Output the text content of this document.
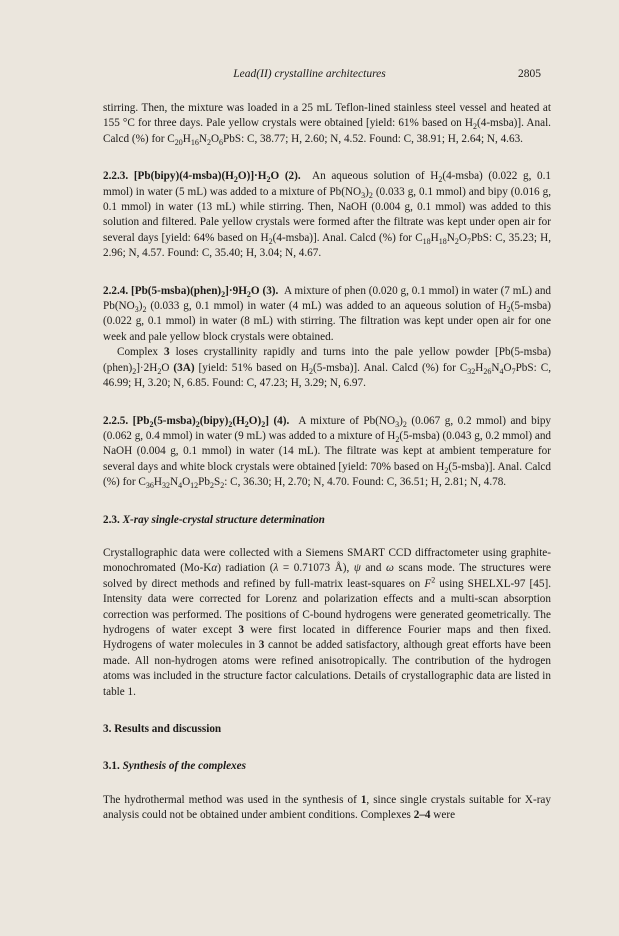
Lead(II) crystalline architectures	2805

stirring. Then, the mixture was loaded in a 25 mL Teflon-lined stainless steel vessel and heated at 155 °C for three days. Pale yellow crystals were obtained [yield: 61% based on $H_2(4-msba)$]. Anal. Calcd (%) for $C_{20}H_{16}N_2O_6PbS$: C, 38.77; H, 2.60; N, 4.52. Found: C, 38.91; H, 2.64; N, 4.63.

2.2.3. $[Pb(bipy)(4-msba)(H_2O)]\cdot H_2O$ (2). An aqueous solution of $H_2(4-msba)$ (0.022 g, 0.1 mmol) in water (5 mL) was added to a mixture of $Pb(NO_3)_2$ (0.033 g, 0.1 mmol) and bipy (0.016 g, 0.1 mmol) in water (13 mL) while stirring. Then, NaOH (0.004 g, 0.1 mmol) was added to this solution and filtered. Pale yellow crystals were formed after the filtrate was kept under open air for several days [yield: 64% based on $H_2(4-msba)$]. Anal. Calcd (%) for $C_{18}H_{18}N_2O_7PbS$: C, 35.23; H, 2.96; N, 4.57. Found: C, 35.40; H, 3.04; N, 4.67.

2.2.4. $[Pb(5-msba)(phen)_2]\cdot 9H_2O$ (3). A mixture of phen (0.020 g, 0.1 mmol) in water (7 mL) and $Pb(NO_3)_2$ (0.033 g, 0.1 mmol) in water (4 mL) was added to an aqueous solution of $H_2(5-msba)$ (0.022 g, 0.1 mmol) in water (8 mL) with stirring. The filtration was kept under open air for one week and pale yellow block crystals were obtained.

Complex 3 loses crystallinity rapidly and turns into the pale yellow powder [Pb(5-msba) $(phen)_2]\cdot 2H_2O$ (3A) [yield: 51% based on $H_2(5-msba)$]. Anal. Calcd (%) for $C_{32}H_{26}N_4O_7PbS$: C, 46.99; H, 3.20; N, 6.85. Found: C, 47.23; H, 3.29; N, 6.97.

2.2.5. $[Pb_2(5-msba)_2(bipy)_2(H_2O)_2]$ (4). A mixture of $Pb(NO_3)_2$ (0.067 g, 0.2 mmol) and bipy (0.062 g, 0.4 mmol) in water (9 mL) was added to a mixture of $H_2(5-msba)$ (0.043 g, 0.2 mmol) and NaOH (0.004 g, 0.1 mmol) in water (14 mL). The filtrate was kept at ambient temperature for several days and white block crystals were obtained [yield: 70% based on $H_2(5-msba)$]. Anal. Calcd (%) for $C_{36}H_{32}N_4O_{12}Pb_2S_2$: C, 36.30; H, 2.70; N, 4.70. Found: C, 36.51; H, 2.81; N, 4.78.

2.3. X-ray single-crystal structure determination

Crystallographic data were collected with a Siemens SMART CCD diffractometer using graphite-monochromated (Mo-Kα) radiation (λ = 0.71073 Å), ψ and ω scans mode. The structures were solved by direct methods and refined by full-matrix least-squares on $F^2$ using SHELXL-97 [45]. Intensity data were corrected for Lorenz and polarization effects and a multi-scan absorption correction was performed. The positions of C-bound hydrogens were generated geometrically. The hydrogens of water except 3 were first located in difference Fourier maps and then fixed. Hydrogens of water molecules in 3 cannot be added satisfactory, although great efforts have been made. All non-hydrogen atoms were refined anisotropically. The contribution of the hydrogen atoms was included in the structure factor calculations. Details of crystallographic data are listed in table 1.

3. Results and discussion

3.1. Synthesis of the complexes

The hydrothermal method was used in the synthesis of 1, since single crystals suitable for X-ray analysis could not be obtained under ambient conditions. Complexes 2–4 were
